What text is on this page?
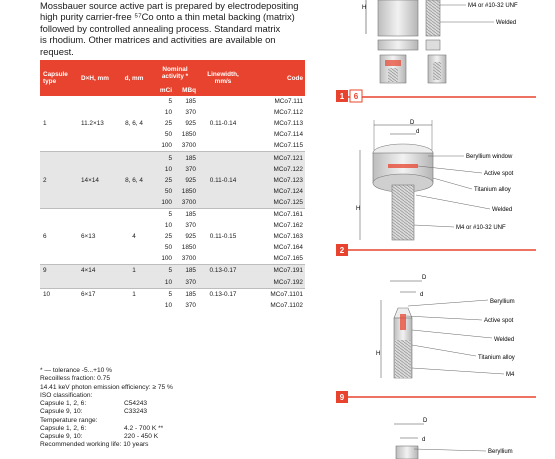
Mossbauer source active part is prepared by electrodepositing
high purity carrier-free ⁵⁷Co onto a thin metal backing (matrix)
followed by controlled annealing process. Standard matrix
is rhodium. Other matrices and activities are available on
request.
Capsule type	D×H, mm	d, mm	Nominal activity *		Linewidth, mm/s	Code
			mCi	MBq		
			5	185		MCo7.111
			10	370		MCo7.112
1	11.2×13	8, 6, 4	25	925	0.11-0.14	MCo7.113
			50	1850		MCo7.114
			100	3700		MCo7.115
			5	185		MCo7.121
			10	370		MCo7.122
2	14×14	8, 6, 4	25	925	0.11-0.14	MCo7.123
			50	1850		MCo7.124
			100	3700		MCo7.125
			5	185		MCo7.161
			10	370		MCo7.162
6	6×13	4	25	925	0.11-0.15	MCo7.163
			50	1850		MCo7.164
			100	3700		MCo7.165
9	4×14	1	5	185	0.13-0.17	MCo7.191
			10	370		MCo7.192
10	6×17	1	5	185	0.13-0.17	MCo7.1101
			10	370		MCo7.1102
* — tolerance -5...+10 %
Recoilless fraction: 0.75
14.41 keV photon emission efficiency: ≥ 75 %
ISO classification:
Capsule 1, 2, 6:	C54243
Capsule 9, 10:	C33243
Temperature range:
Capsule 1, 2, 6:	4.2 - 700 K **
Capsule 9, 10:	220 - 450 K
Recommended working life: 10 years
H	M4 or #10-32 UNF
Welded
1 6
D
d
H
Beryllium window
Active spot
Titanium alloy
Welded
M4 or #10-32 UNF
2
D
d
H
Beryllium
Active spot
Welded
Titanium alloy
M4
9
D
d
Beryllium
